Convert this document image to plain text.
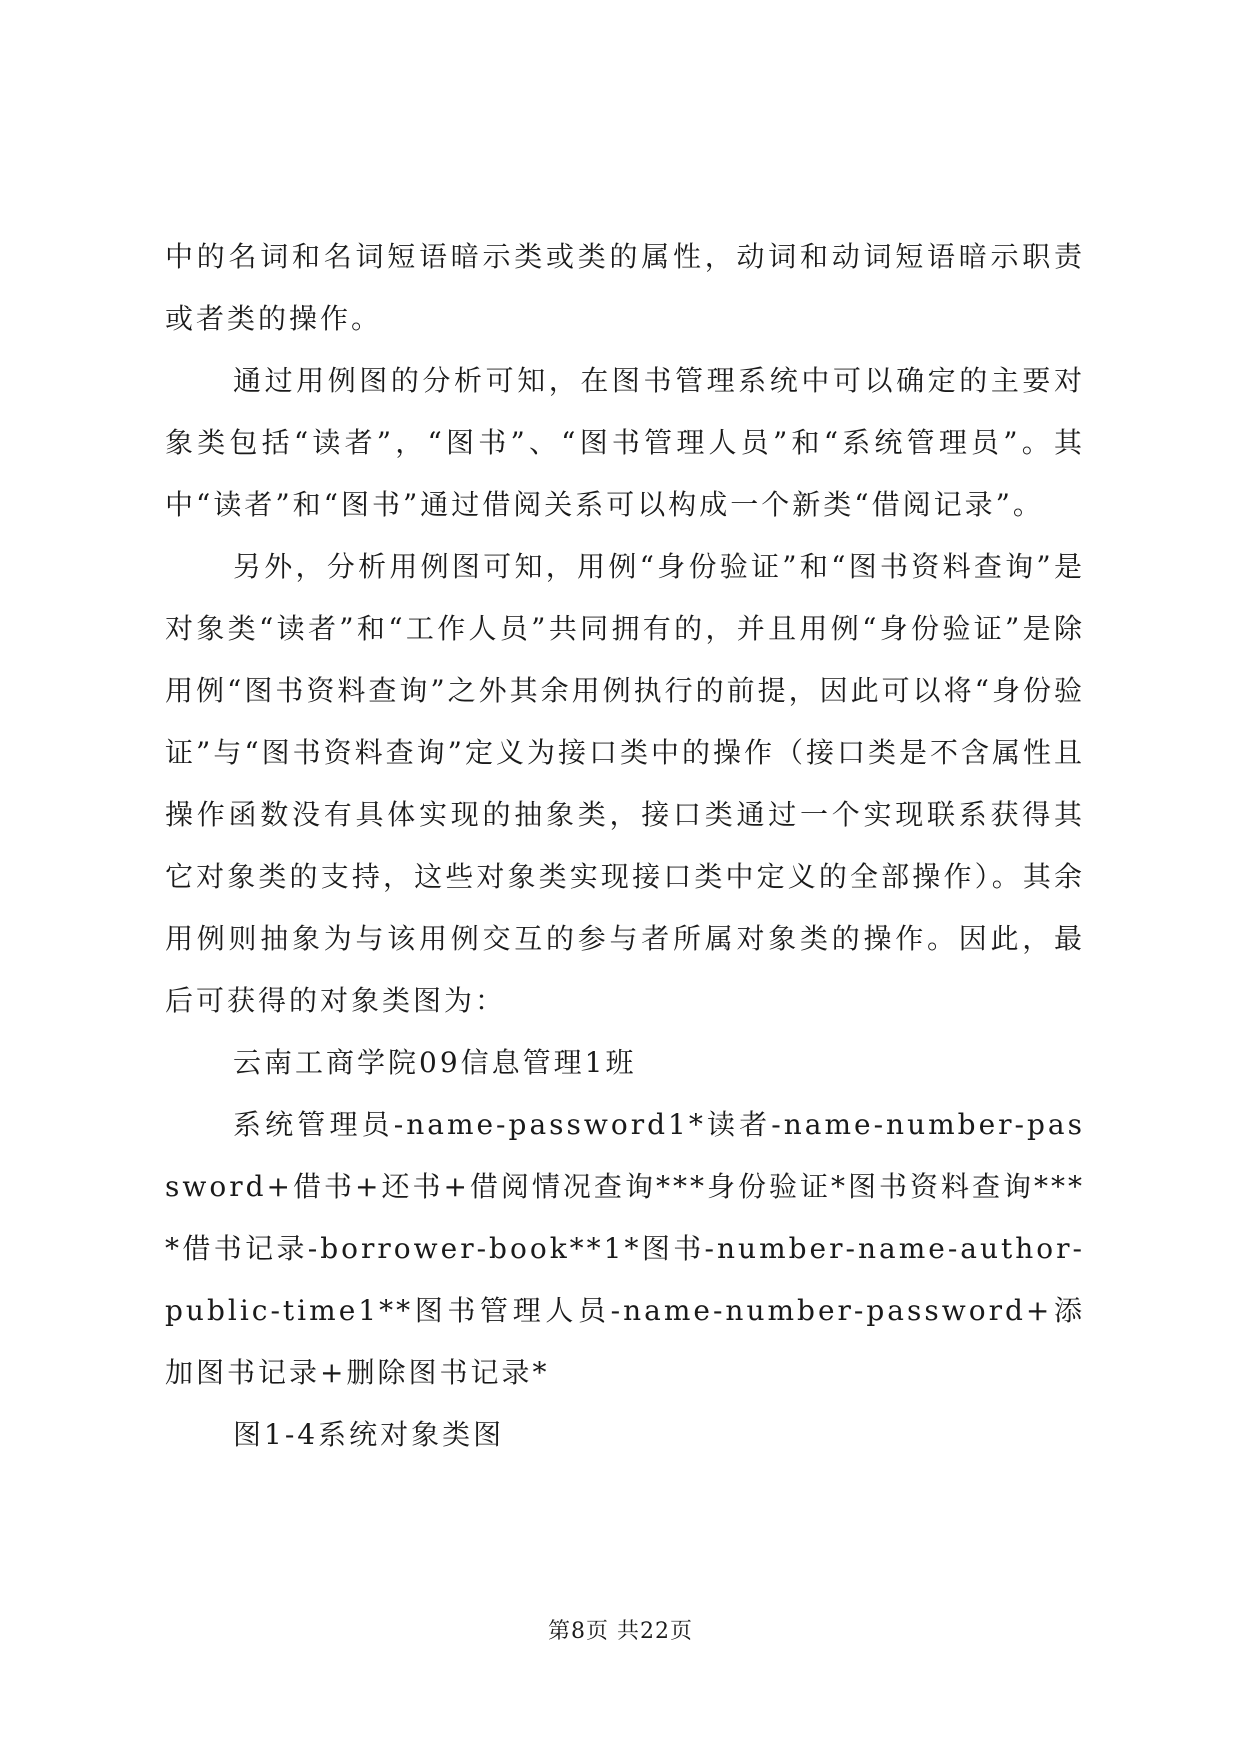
中的名词和名词短语暗示类或类的属性，动词和动词短语暗示职责或者类的操作。

通过用例图的分析可知，在图书管理系统中可以确定的主要对象类包括“读者”，“图书”、“图书管理人员”和“系统管理员”。其中“读者”和“图书”通过借阅关系可以构成一个新类“借阅记录”。

另外，分析用例图可知，用例“身份验证”和“图书资料查询”是对象类“读者”和“工作人员”共同拥有的，并且用例“身份验证”是除用例“图书资料查询”之外其余用例执行的前提，因此可以将“身份验证”与“图书资料查询”定义为接口类中的操作（接口类是不含属性且操作函数没有具体实现的抽象类，接口类通过一个实现联系获得其它对象类的支持，这些对象类实现接口类中定义的全部操作）。其余用例则抽象为与该用例交互的参与者所属对象类的操作。因此，最后可获得的对象类图为：

云南工商学院09信息管理1班

系统管理员-name-password1*读者-name-number-password+借书+还书+借阅情况查询***身份验证*图书资料查询****借书记录-borrower-book**1*图书-number-name-author-public-time1**图书管理人员-name-number-password+添加图书记录+删除图书记录*

图1-4系统对象类图

第8页 共22页
